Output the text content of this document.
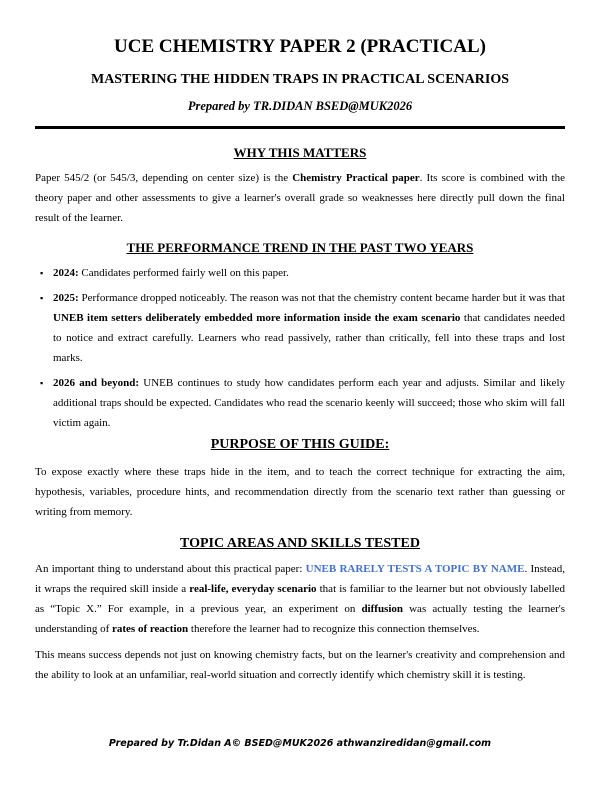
UCE CHEMISTRY PAPER 2 (PRACTICAL)
MASTERING THE HIDDEN TRAPS IN PRACTICAL SCENARIOS
Prepared by TR.DIDAN BSED@MUK2026
WHY THIS MATTERS

Paper 545/2 (or 545/3, depending on center size) is the Chemistry Practical paper. Its score is combined with the theory paper and other assessments to give a learner's overall grade so weaknesses here directly pull down the final result of the learner.

THE PERFORMANCE TREND IN THE PAST TWO YEARS
▪ 2024: Candidates performed fairly well on this paper.
▪ 2025: Performance dropped noticeably. The reason was not that the chemistry content became harder but it was that UNEB item setters deliberately embedded more information inside the exam scenario that candidates needed to notice and extract carefully. Learners who read passively, rather than critically, fell into these traps and lost marks.
▪ 2026 and beyond: UNEB continues to study how candidates perform each year and adjusts. Similar and likely additional traps should be expected. Candidates who read the scenario keenly will succeed; those who skim will fall victim again.
PURPOSE OF THIS GUIDE:

To expose exactly where these traps hide in the item, and to teach the correct technique for extracting the aim, hypothesis, variables, procedure hints, and recommendation directly from the scenario text rather than guessing or writing from memory.

TOPIC AREAS AND SKILLS TESTED

An important thing to understand about this practical paper: UNEB RARELY TESTS A TOPIC BY NAME. Instead, it wraps the required skill inside a real-life, everyday scenario that is familiar to the learner but not obviously labelled as “Topic X.” For example, in a previous year, an experiment on diffusion was actually testing the learner's understanding of rates of reaction therefore the learner had to recognize this connection themselves.

This means success depends not just on knowing chemistry facts, but on the learner's creativity and comprehension and the ability to look at an unfamiliar, real-world situation and correctly identify which chemistry skill it is testing.

Prepared by Tr.Didan A© BSED@MUK2026 athwanziredidan@gmail.com
